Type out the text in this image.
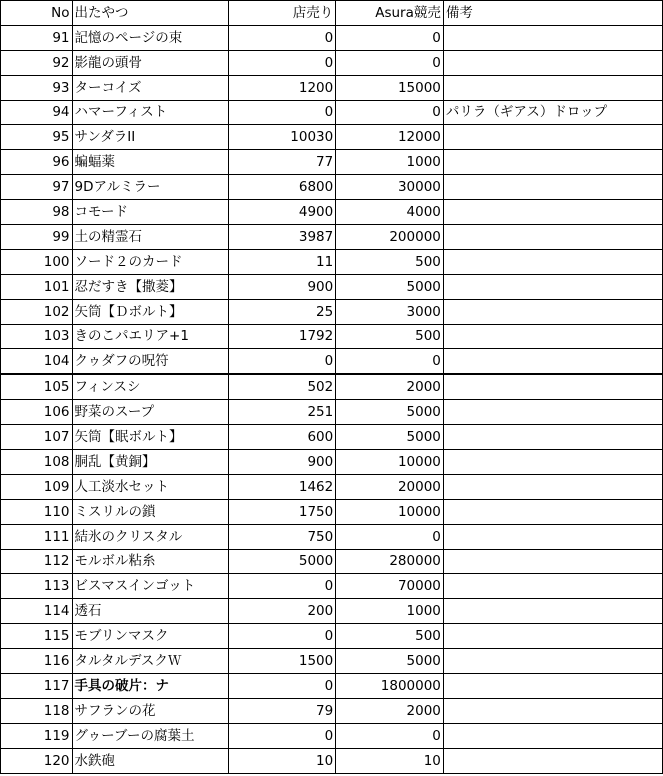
No	出たやつ	店売り	Asura競売	備考
91	記憶のページの束	0	0	
92	影龍の頭骨	0	0	
93	ターコイズ	1200	15000	
94	ハマーフィスト	0	0	パリラ（ギアス）ドロップ
95	サンダラII	10030	12000	
96	蝙蝠薬	77	1000	
97	9Dアルミラー	6800	30000	
98	コモード	4900	4000	
99	土の精霊石	3987	200000	
100	ソード２のカード	11	500	
101	忍だすき【撒菱】	900	5000	
102	矢筒【Ｄボルト】	25	3000	
103	きのこパエリア+1	1792	500	
104	クゥダフの呪符	0	0	
105	フィンスシ	502	2000	
106	野菜のスープ	251	5000	
107	矢筒【眠ボルト】	600	5000	
108	胴乱【黄銅】	900	10000	
109	人工淡水セット	1462	20000	
110	ミスリルの鎖	1750	10000	
111	結氷のクリスタル	750	0	
112	モルボル粘糸	5000	280000	
113	ビスマスインゴット	0	70000	
114	透石	200	1000	
115	モブリンマスク	0	500	
116	タルタルデスクＷ	1500	5000	
117	手具の破片：ナ	0	1800000	
118	サフランの花	79	2000	
119	グゥーブーの腐葉土	0	0	
120	水鉄砲	10	10	
